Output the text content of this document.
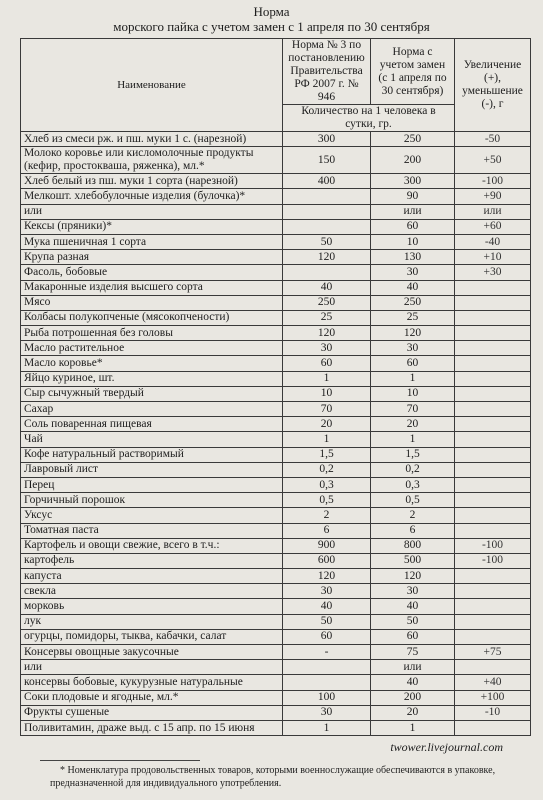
Норма
морского пайка с учетом замен с 1 апреля по 30 сентября
Наименование	Норма № 3 по постановлению Правительства РФ 2007 г. № 946	Норма с учетом замен (с 1 апреля по 30 сентября)	Увеличение (+), уменьшение (-), г
	Количество на 1 человека в сутки, гр.		
Хлеб из смеси рж. и пш. муки 1 с. (нарезной)	300	250	-50
Молоко коровье или кисломолочные продукты (кефир, простокваша, ряженка), мл.*	150	200	+50
Хлеб белый из пш. муки 1 сорта (нарезной)	400	300	-100
Мелкошт. хлебобулочные изделия (булочка)*		90	+90
или		или	или
Кексы (пряники)*		60	+60
Мука пшеничная 1 сорта	50	10	-40
Крупа разная	120	130	+10
Фасоль, бобовые		30	+30
Макаронные изделия высшего сорта	40	40	
Мясо	250	250	
Колбасы полукопченые (мясокопчености)	25	25	
Рыба потрошенная без головы	120	120	
Масло растительное	30	30	
Масло коровье*	60	60	
Яйцо куриное, шт.	1	1	
Сыр сычужный твердый	10	10	
Сахар	70	70	
Соль поваренная пищевая	20	20	
Чай	1	1	
Кофе натуральный растворимый	1,5	1,5	
Лавровый лист	0,2	0,2	
Перец	0,3	0,3	
Горчичный порошок	0,5	0,5	
Уксус	2	2	
Томатная паста	6	6	
Картофель и овощи свежие, всего в т.ч.:	900	800	-100
картофель	600	500	-100
капуста	120	120	
свекла	30	30	
морковь	40	40	
лук	50	50	
огурцы, помидоры, тыква, кабачки, салат	60	60	
Консервы овощные закусочные	-	75	+75
или		или	
консервы бобовые, кукурузные натуральные		40	+40
Соки плодовые и ягодные, мл.*	100	200	+100
Фрукты сушеные	30	20	-10
Поливитамин, драже выд. с 15 апр. по 15 июня	1	1	
twower.livejournal.com
* Номенклатура продовольственных товаров, которыми военнослужащие обеспечиваются в упаковке, предназначенной для индивидуального употребления.
